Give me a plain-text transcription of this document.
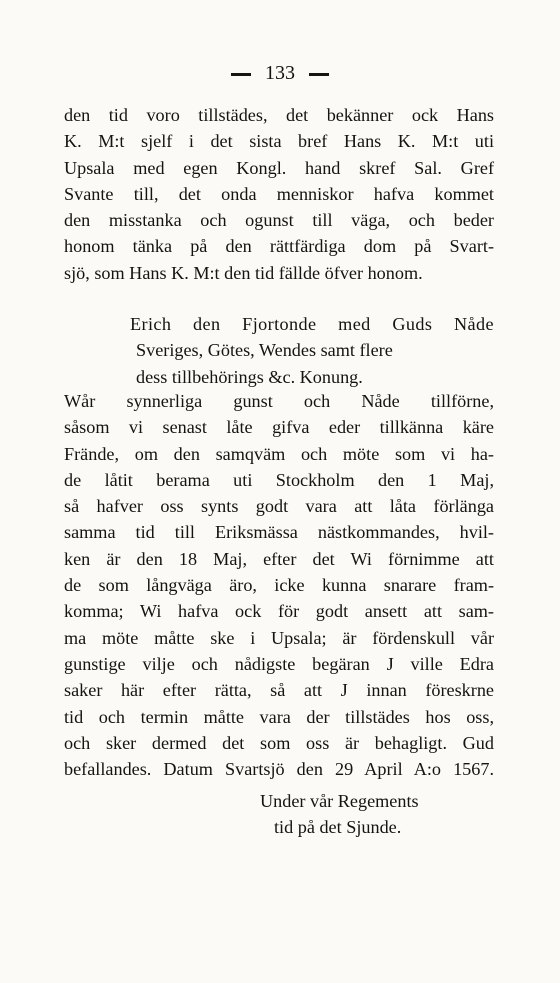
133
den tid voro tillstädes, det bekänner ock Hans
K. M:t sjelf i det sista bref Hans K. M:t uti
Upsala med egen Kongl. hand skref Sal. Gref
Svante till, det onda menniskor hafva kommet
den misstanka och ogunst till väga, och beder
honom tänka på den rättfärdiga dom på Svart-
sjö, som Hans K. M:t den tid fällde öfver honom.
Erich den Fjortonde med Guds Nåde
Sveriges, Götes, Wendes samt flere
dess tillbehörings &c. Konung.
Wår synnerliga gunst och Nåde tillförne,
såsom vi senast låte gifva eder tillkänna käre
Frände, om den samqväm och möte som vi ha-
de låtit berama uti Stockholm den 1 Maj,
så hafver oss synts godt vara att låta förlänga
samma tid till Eriksmässa nästkommandes, hvil-
ken är den 18 Maj, efter det Wi förnimme att
de som långväga äro, icke kunna snarare fram-
komma; Wi hafva ock för godt ansett att sam-
ma möte måtte ske i Upsala; är fördenskull vår
gunstige vilje och nådigste begäran J ville Edra
saker här efter rätta, så att J innan föreskrne
tid och termin måtte vara der tillstädes hos oss,
och sker dermed det som oss är behagligt. Gud
befallandes. Datum Svartsjö den 29 April A:o 1567.
Under vår Regements
tid på det Sjunde.
